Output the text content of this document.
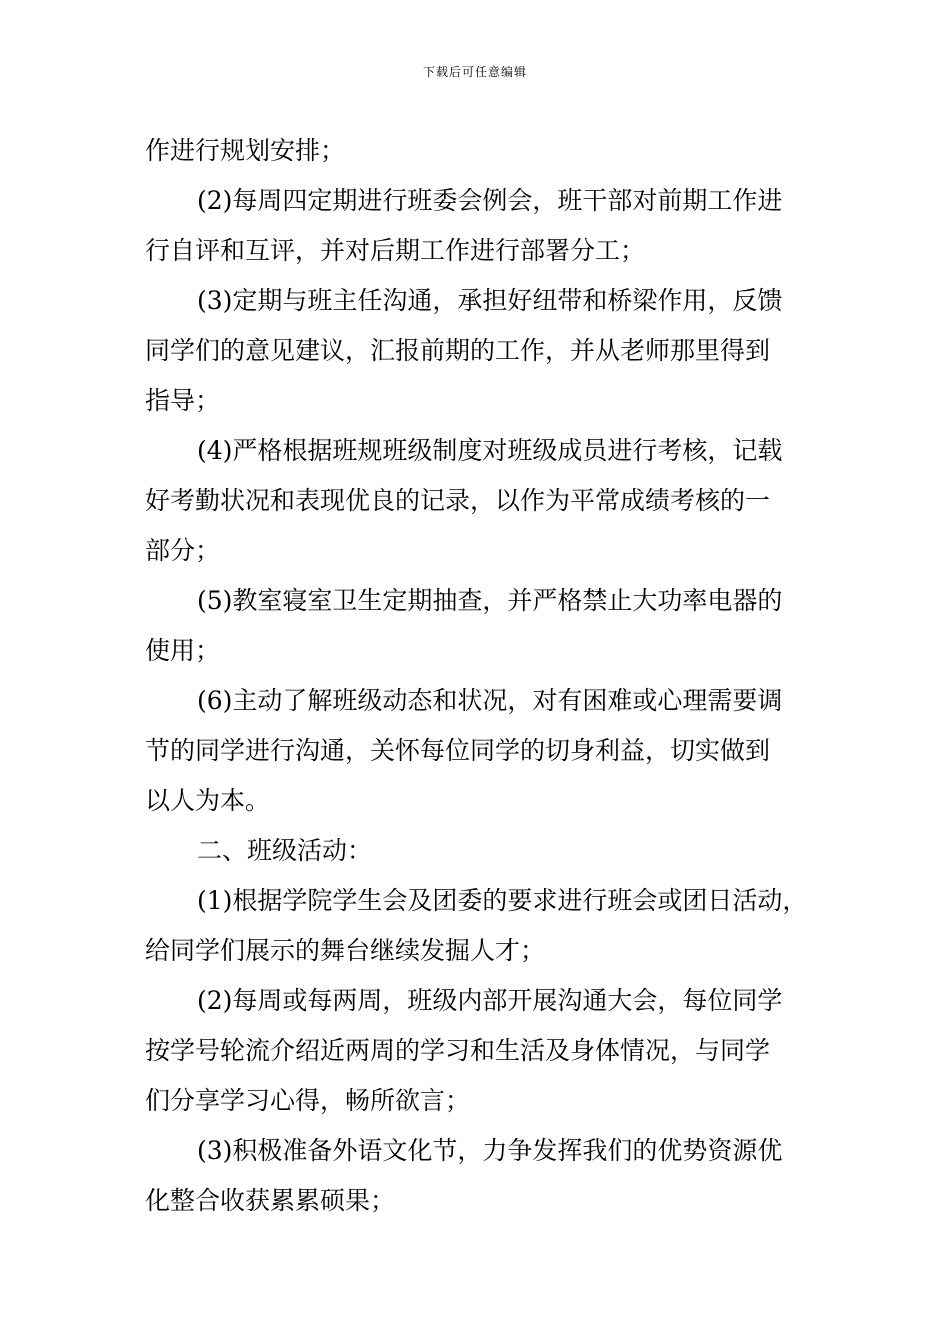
下载后可任意编辑
作进行规划安排；
(2)每周四定期进行班委会例会，班干部对前期工作进
行自评和互评，并对后期工作进行部署分工；
(3)定期与班主任沟通，承担好纽带和桥梁作用，反馈
同学们的意见建议，汇报前期的工作，并从老师那里得到
指导；
(4)严格根据班规班级制度对班级成员进行考核，记载
好考勤状况和表现优良的记录，以作为平常成绩考核的一
部分；
(5)教室寝室卫生定期抽查，并严格禁止大功率电器的
使用；
(6)主动了解班级动态和状况，对有困难或心理需要调
节的同学进行沟通，关怀每位同学的切身利益，切实做到
以人为本。
二、班级活动：
(1)根据学院学生会及团委的要求进行班会或团日活动，
给同学们展示的舞台继续发掘人才；
(2)每周或每两周，班级内部开展沟通大会，每位同学
按学号轮流介绍近两周的学习和生活及身体情况，与同学
们分享学习心得，畅所欲言；
(3)积极准备外语文化节，力争发挥我们的优势资源优
化整合收获累累硕果；
